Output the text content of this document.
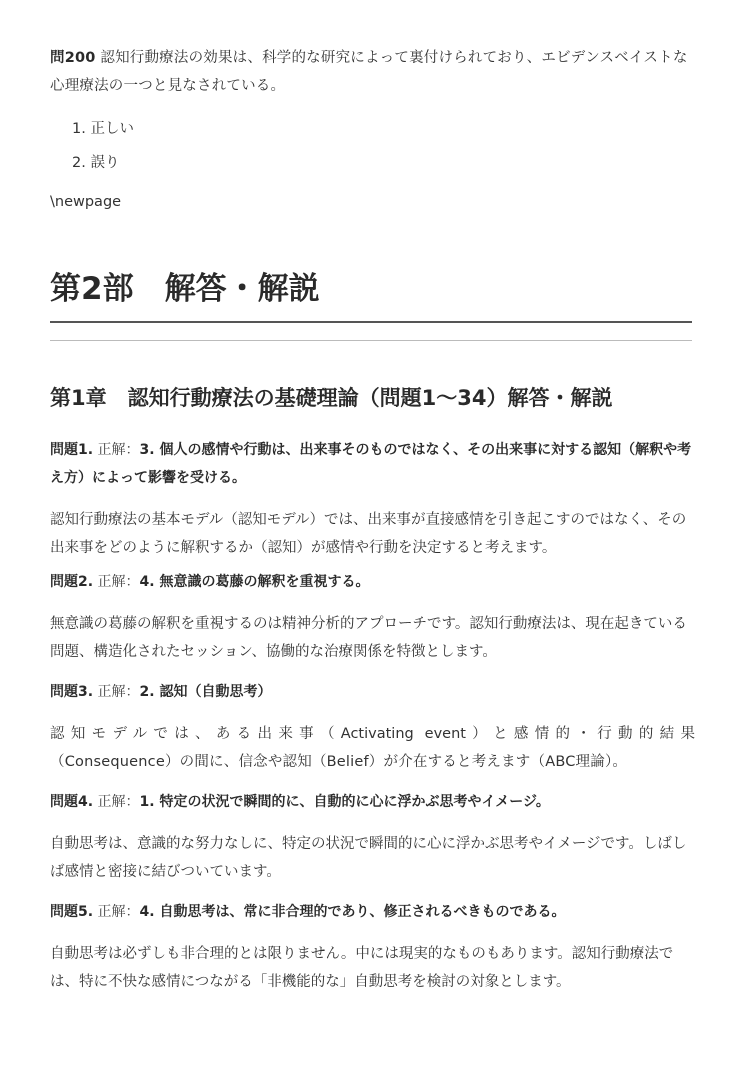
問200 認知行動療法の効果は、科学的な研究によって裏付けられており、エビデンスベイストな心理療法の一つと見なされている。

1. 正しい
2. 誤り
\newpage
第2部　解答・解説
第1章　認知行動療法の基礎理論（問題1〜34）解答・解説

問題1. 正解：3. 個人の感情や行動は、出来事そのものではなく、その出来事に対する認知（解釈や考え方）によって影響を受ける。

認知行動療法の基本モデル（認知モデル）では、出来事が直接感情を引き起こすのではなく、その出来事をどのように解釈するか（認知）が感情や行動を決定すると考えます。

問題2. 正解：4. 無意識の葛藤の解釈を重視する。

無意識の葛藤の解釈を重視するのは精神分析的アプローチです。認知行動療法は、現在起きている問題、構造化されたセッション、協働的な治療関係を特徴とします。

問題3. 正解：2. 認知（自動思考）

認知モデルでは、ある出来事（Activating event）と感情的・行動的結果

（Consequence）の間に、信念や認知（Belief）が介在すると考えます（ABC理論）。

問題4. 正解：1. 特定の状況で瞬間的に、自動的に心に浮かぶ思考やイメージ。

自動思考は、意識的な努力なしに、特定の状況で瞬間的に心に浮かぶ思考やイメージです。しばしば感情と密接に結びついています。

問題5. 正解：4. 自動思考は、常に非合理的であり、修正されるべきものである。

自動思考は必ずしも非合理的とは限りません。中には現実的なものもあります。認知行動療法では、特に不快な感情につながる「非機能的な」自動思考を検討の対象とします。
